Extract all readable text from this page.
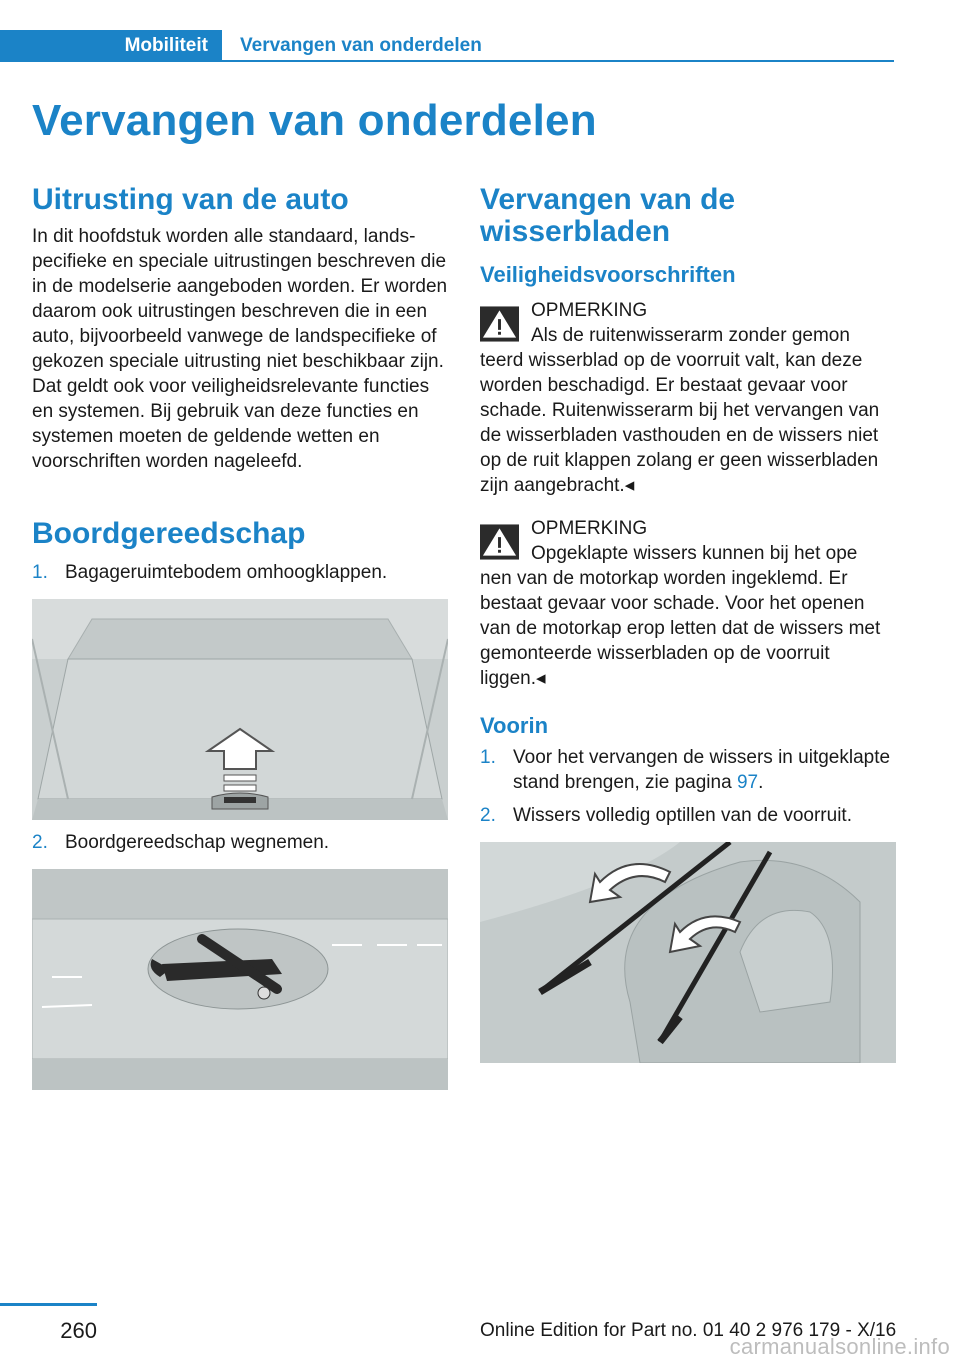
Mobiliteit	Vervangen van onderdelen
Vervangen van onderdelen
Uitrusting van de auto

In dit hoofdstuk worden alle standaard, landspecifieke en speciale uitrustingen beschreven die in de modelserie aangeboden worden. Er worden daarom ook uitrustingen beschreven die in een auto, bijvoorbeeld vanwege de landspecifieke of gekozen speciale uitrusting niet beschikbaar zijn. Dat geldt ook voor veiligheidsrelevante functies en systemen. Bij gebruik van deze functies en systemen moeten de geldende wetten en voorschriften worden nageleefd.

Boordgereedschap
1. Bagageruimtebodem omhoogklappen.
2. Boordgereedschap wegnemen.
Vervangen van de wisserbladen
Veiligheidsvoorschriften
OPMERKING
Als de ruitenwisserarm zonder gemon
teerd wisserblad op de voorruit valt, kan deze worden beschadigd. Er bestaat gevaar voor schade. Ruitenwisserarm bij het vervangen van de wisserbladen vasthouden en de wissers niet op de ruit klappen zolang er geen wisserbladen zijn aangebracht.◂
OPMERKING
Opgeklapte wissers kunnen bij het ope
nen van de motorkap worden ingeklemd. Er bestaat gevaar voor schade. Voor het openen van de motorkap erop letten dat de wissers met gemonteerde wisserbladen op de voorruit liggen.◂
Voorin
1. Voor het vervangen de wissers in uitgeklapte stand brengen, zie pagina 97.
2. Wissers volledig optillen van de voorruit.
260	Online Edition for Part no. 01 40 2 976 179 - X/16
carmanualsonline.info
